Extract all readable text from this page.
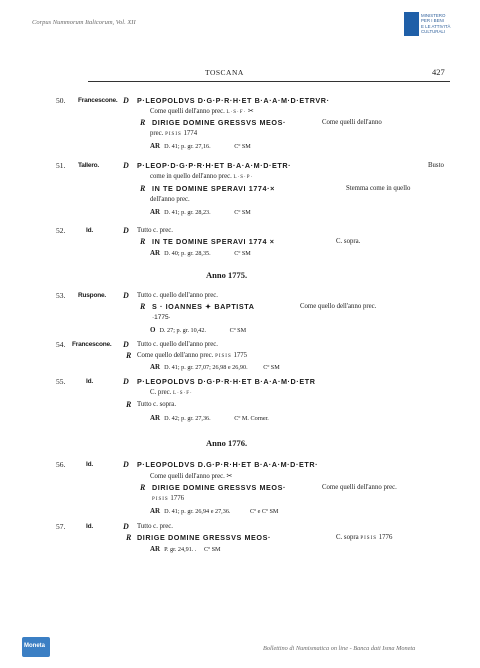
Corpus Nummorum Italicorum, Vol. XII
MINISTERO
PER I BENI
E LE ATTIVITÀ
CULTURALI
TOSCANA	427
50. Francescone. D P·LEOPOLDVS D·G·P·R·H·ET B·A·A·M·D·ETRVR·
Come quelli dell'anno prec. L·S·F· ✂
R DIRIGE DOMINE GRESSVS MEOS·	Come quelli dell'anno
prec. PISIS 1774
AR D. 41; p. gr. 27,16.	Cº SM
51. Tallero.	D P·LEOP·D·G·P·R·H·ET B·A·A·M·D·ETR·	Busto
come in quello dell'anno prec. L·S·P·
R IN TE DOMINE SPERAVI 1774·×	Stemma come in quello
dell'anno prec.
AR D. 41; p. gr. 28,23.	Cº SM
52.	Id.	D Tutto c. prec.
R IN TE DOMINE SPERAVI 1774 ×	C. sopra.
AR D. 40; p. gr. 28,35.	Cº SM
Anno 1775.
53. Ruspone. D Tutto c. quello dell'anno prec.
R S · IOANNES ✦ BAPTISTA	Come quello dell'anno prec.
·1775·
O D. 27; p. gr. 10,42.	Cº SM
54. Francescone. D Tutto c. quello dell'anno prec.
R Come quello dell'anno prec. PISIS 1775
AR D. 41; p. gr. 27,07; 26,98 e 26,90.	Cº SM
55.	Id.	D P·LEOPOLDVS D·G·P·R·H·ET B·A·A·M·D·ETR
C. prec. L·S·F·
R Tutto c. sopra.
AR D. 42; p. gr. 27,36.	Cº M. Corner.
Anno 1776.
56.	Id.	D P·LEOPOLDVS D.G·P·R·H·ET B·A·A·M·D·ETR·
Come quelli dell'anno prec. ✂
R DIRIGE DOMINE GRESSVS MEOS·	Come quelli dell'anno prec.
PISIS 1776
AR D. 41; p. gr. 26,94 e 27,36.	Cº e Cº SM
57.	Id.	D Tutto c. prec.
R DIRIGE DOMINE GRESSVS MEOS·	C. sopra PISIS 1776
AR P. gr. 24,91. . Cº SM
Moneta	Bollettino di Numismatica on line - Banca dati Isma Moneta
